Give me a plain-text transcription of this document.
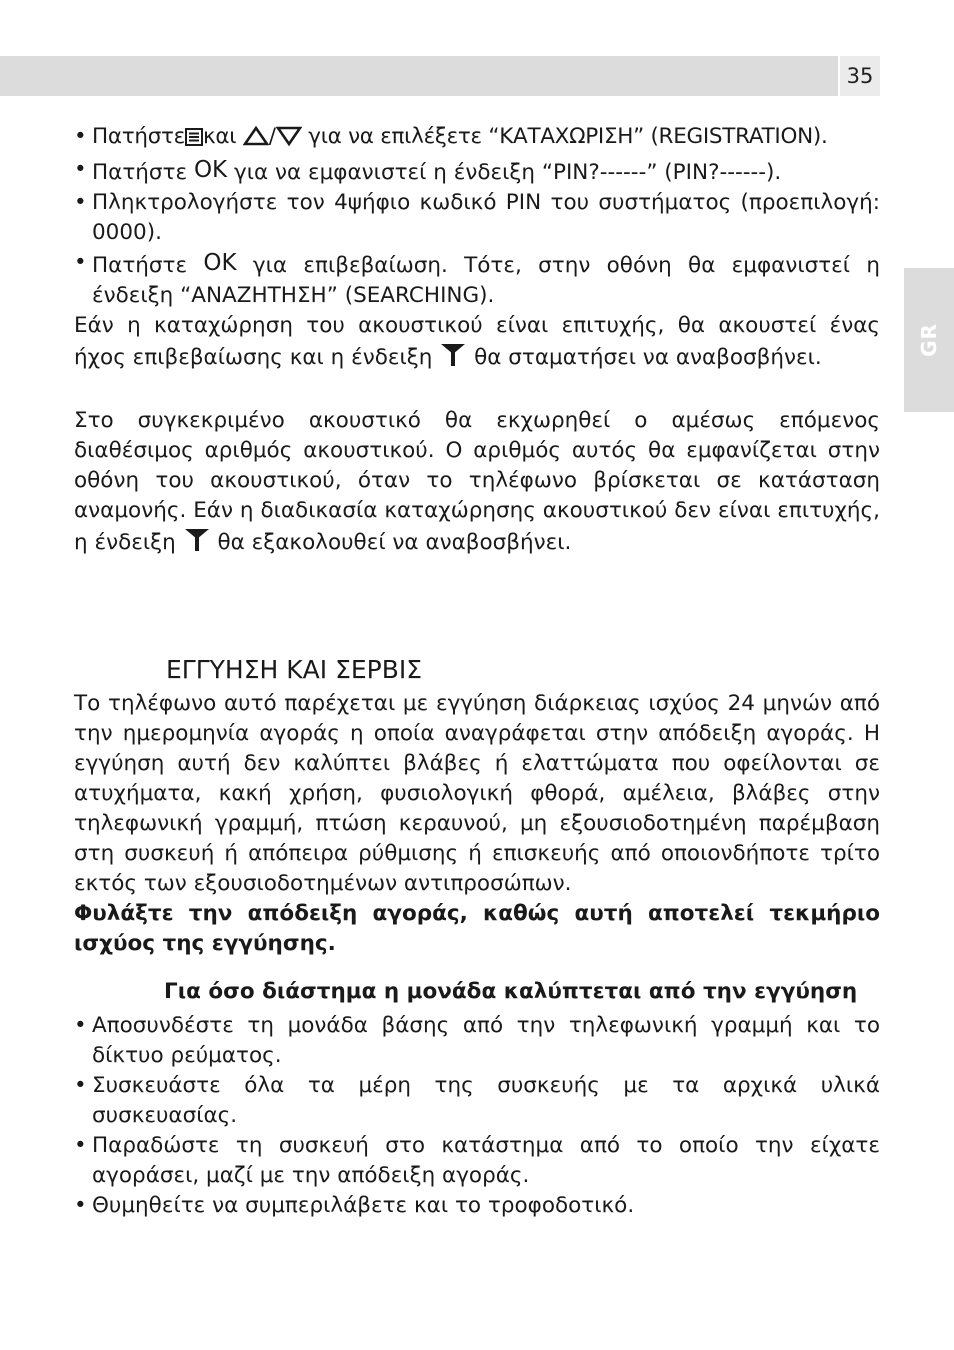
35
GR
• Πατήστε και / για να επιλέξετε “ΚΑΤΑΧΩΡΙΣΗ” (REGISTRATION).
• Πατήστε OK για να εμφανιστεί η ένδειξη “PIN?------” (PIN?------).
• Πληκτρολογήστε τον 4ψήφιο κωδικό PIN του συστήματος (προεπιλογή: 0000).
• Πατήστε OK για επιβεβαίωση. Τότε, στην οθόνη θα εμφανιστεί η ένδειξη “ΑΝΑΖΗΤΗΣΗ” (SEARCHING).
Εάν η καταχώρηση του ακουστικού είναι επιτυχής, θα ακουστεί ένας ήχος επιβεβαίωσης και η ένδειξη θα σταματήσει να αναβοσβήνει.
Στο συγκεκριμένο ακουστικό θα εκχωρηθεί ο αμέσως επόμενος διαθέσιμος αριθμός ακουστικού. Ο αριθμός αυτός θα εμφανίζεται στην οθόνη του ακουστικού, όταν το τηλέφωνο βρίσκεται σε κατάσταση αναμονής. Εάν η διαδικασία καταχώρησης ακουστικού δεν είναι επιτυχής, η ένδειξη θα εξακολουθεί να αναβοσβήνει.
ΕΓΓΥΗΣΗ ΚΑΙ ΣΕΡΒΙΣ
Το τηλέφωνο αυτό παρέχεται με εγγύηση διάρκειας ισχύος 24 μηνών από την ημερομηνία αγοράς η οποία αναγράφεται στην απόδειξη αγοράς. Η εγγύηση αυτή δεν καλύπτει βλάβες ή ελαττώματα που οφείλονται σε ατυχήματα, κακή χρήση, φυσιολογική φθορά, αμέλεια, βλάβες στην τηλεφωνική γραμμή, πτώση κεραυνού, μη εξουσιοδοτημένη παρέμβαση στη συσκευή ή απόπειρα ρύθμισης ή επισκευής από οποιονδήποτε τρίτο εκτός των εξουσιοδοτημένων αντιπροσώπων.
Φυλάξτε την απόδειξη αγοράς, καθώς αυτή αποτελεί τεκμήριο ισχύος της εγγύησης.
Για όσο διάστημα η μονάδα καλύπτεται από την εγγύηση
• Αποσυνδέστε τη μονάδα βάσης από την τηλεφωνική γραμμή και το δίκτυο ρεύματος.
• Συσκευάστε όλα τα μέρη της συσκευής με τα αρχικά υλικά συσκευασίας.
• Παραδώστε τη συσκευή στο κατάστημα από το οποίο την είχατε αγοράσει, μαζί με την απόδειξη αγοράς.
• Θυμηθείτε να συμπεριλάβετε και το τροφοδοτικό.
